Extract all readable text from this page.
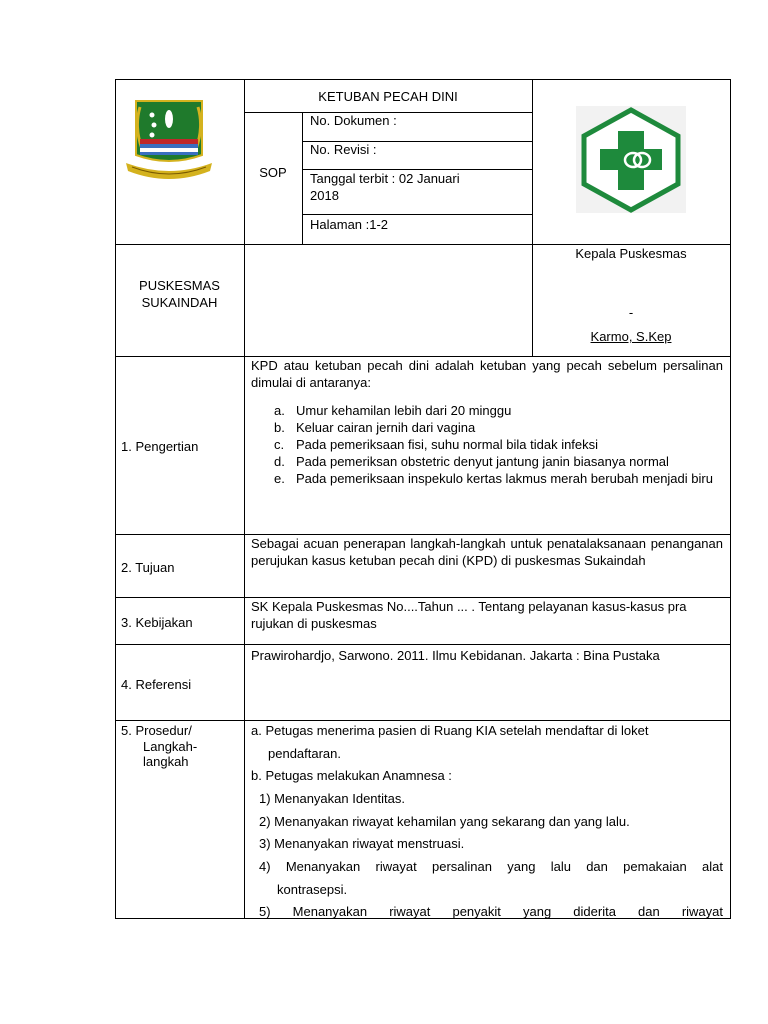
KETUBAN PECAH DINI
SOP
No. Dokumen :
No. Revisi :
Tanggal terbit : 02 Januari
2018
Halaman :1-2
PUSKESMAS
SUKAINDAH
Kepala Puskesmas
-
Karmo, S.Kep
1. Pengertian
KPD atau ketuban pecah dini adalah ketuban yang pecah sebelum persalinan dimulai di antaranya:
a. Umur kehamilan lebih dari 20 minggu
b. Keluar cairan jernih dari vagina
c. Pada pemeriksaan fisi, suhu normal bila tidak infeksi
d. Pada pemeriksan obstetric denyut jantung janin biasanya normal
e. Pada pemeriksaan inspekulo kertas lakmus merah berubah menjadi biru
2. Tujuan
Sebagai acuan penerapan langkah-langkah untuk penatalaksanaan penanganan perujukan kasus ketuban pecah dini (KPD) di puskesmas Sukaindah
3. Kebijakan
SK Kepala Puskesmas No....Tahun ... . Tentang pelayanan kasus-kasus pra rujukan di puskesmas
4. Referensi
Prawirohardjo, Sarwono. 2011. Ilmu Kebidanan. Jakarta : Bina Pustaka
5. Prosedur/
Langkah-
langkah
a. Petugas menerima pasien di Ruang KIA setelah mendaftar di loket
pendaftaran.
b. Petugas melakukan Anamnesa :
1) Menanyakan Identitas.
2) Menanyakan riwayat kehamilan yang sekarang dan yang lalu.
3) Menanyakan riwayat menstruasi.
4) Menanyakan riwayat persalinan yang lalu dan pemakaian alat
kontrasepsi.
5) Menanyakan riwayat penyakit yang diderita dan riwayat
